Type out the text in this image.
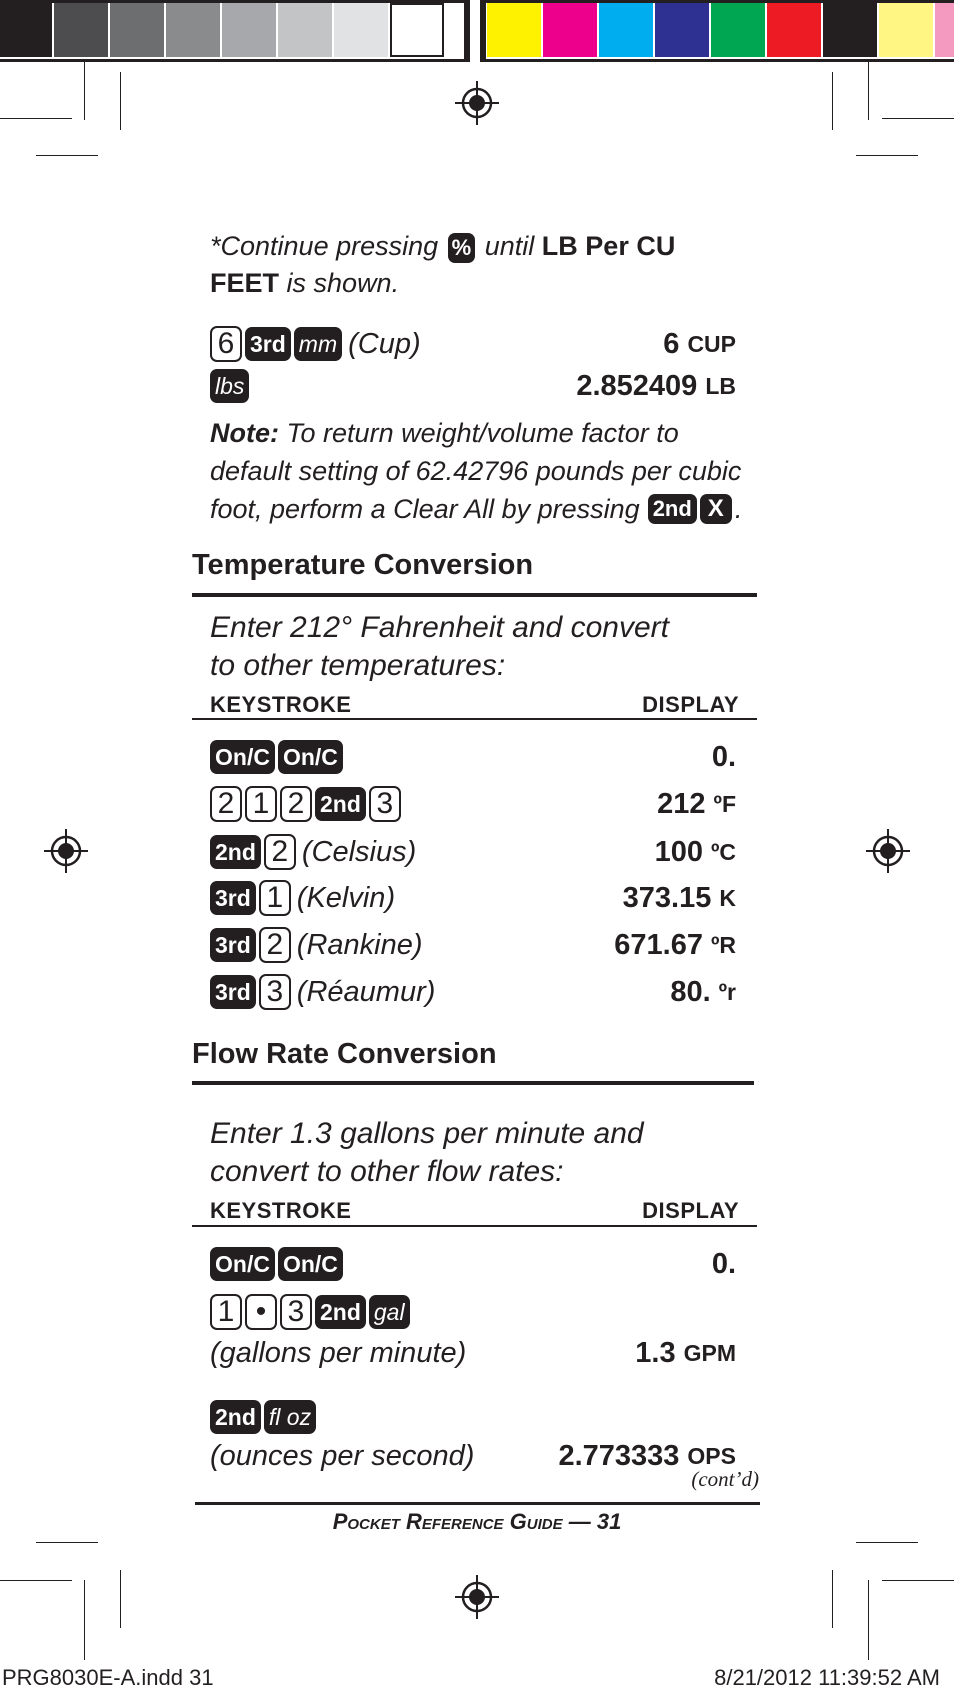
*Continue pressing % until LB Per CU
FEET is shown.
6 3rd mm (Cup)	6 CUP
lbs	2.852409 LB
Note: To return weight/volume factor to
default setting of 62.42796 pounds per cubic
foot, perform a Clear All by pressing 2nd X .
Temperature Conversion
Enter 212° Fahrenheit and convert
to other temperatures:
KEYSTROKE	DISPLAY
On/C On/C	0.
2 1 2 2nd 3	212 ºF
2nd 2 (Celsius)	100 ºC
3rd 1 (Kelvin)	373.15 K
3rd 2 (Rankine)	671.67 ºR
3rd 3 (Réaumur)	80. ºr
Flow Rate Conversion
Enter 1.3 gallons per minute and
convert to other flow rates:
KEYSTROKE	DISPLAY
On/C On/C	0.
1 • 3 2nd gal
(gallons per minute)	1.3 GPM
2nd fl oz
(ounces per second)	2.773333 OPS
(cont’d)
Pocket Reference Guide — 31
PRG8030E-A.indd 31	8/21/2012 11:39:52 AM
